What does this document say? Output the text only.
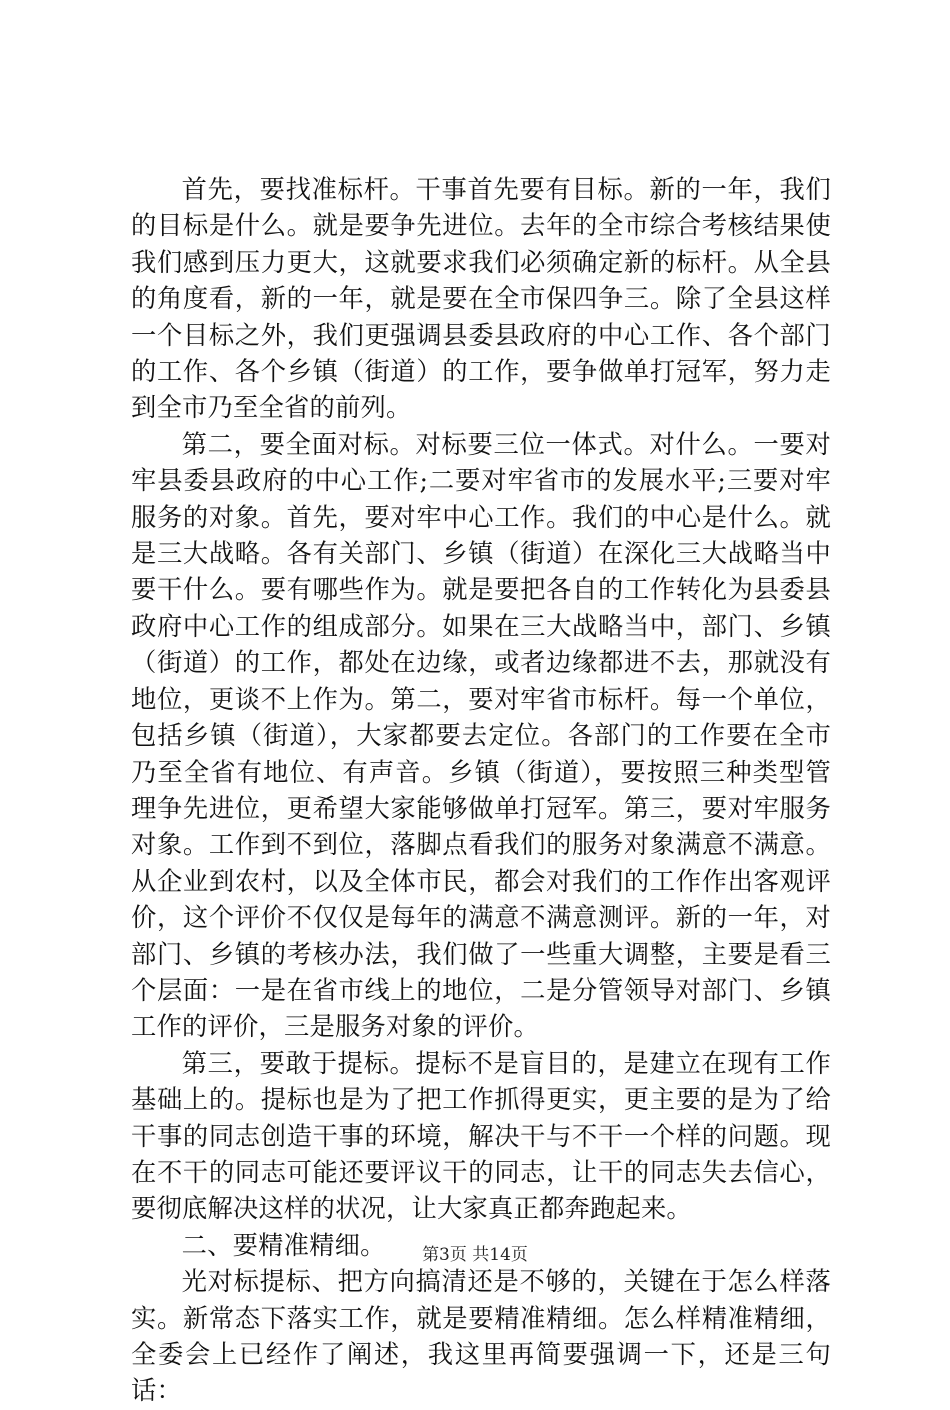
首先，要找准标杆。干事首先要有目标。新的一年，我们的目标是什么。就是要争先进位。去年的全市综合考核结果使我们感到压力更大，这就要求我们必须确定新的标杆。从全县的角度看，新的一年，就是要在全市保四争三。除了全县这样一个目标之外，我们更强调县委县政府的中心工作、各个部门的工作、各个乡镇（街道）的工作，要争做单打冠军，努力走到全市乃至全省的前列。

第二，要全面对标。对标要三位一体式。对什么。一要对牢县委县政府的中心工作;二要对牢省市的发展水平;三要对牢服务的对象。首先，要对牢中心工作。我们的中心是什么。就是三大战略。各有关部门、乡镇（街道）在深化三大战略当中要干什么。要有哪些作为。就是要把各自的工作转化为县委县政府中心工作的组成部分。如果在三大战略当中，部门、乡镇（街道）的工作，都处在边缘，或者边缘都进不去，那就没有地位，更谈不上作为。第二，要对牢省市标杆。每一个单位，包括乡镇（街道），大家都要去定位。各部门的工作要在全市乃至全省有地位、有声音。乡镇（街道），要按照三种类型管理争先进位，更希望大家能够做单打冠军。第三，要对牢服务对象。工作到不到位，落脚点看我们的服务对象满意不满意。从企业到农村，以及全体市民，都会对我们的工作作出客观评价，这个评价不仅仅是每年的满意不满意测评。新的一年，对部门、乡镇的考核办法，我们做了一些重大调整，主要是看三个层面：一是在省市线上的地位，二是分管领导对部门、乡镇工作的评价，三是服务对象的评价。

第三，要敢于提标。提标不是盲目的，是建立在现有工作基础上的。提标也是为了把工作抓得更实，更主要的是为了给干事的同志创造干事的环境，解决干与不干一个样的问题。现在不干的同志可能还要评议干的同志，让干的同志失去信心，要彻底解决这样的状况，让大家真正都奔跑起来。

二、要精准精细。

光对标提标、把方向搞清还是不够的，关键在于怎么样落实。新常态下落实工作，就是要精准精细。怎么样精准精细，全委会上已经作了阐述，我这里再简要强调一下，还是三句话：

第3页 共14页
